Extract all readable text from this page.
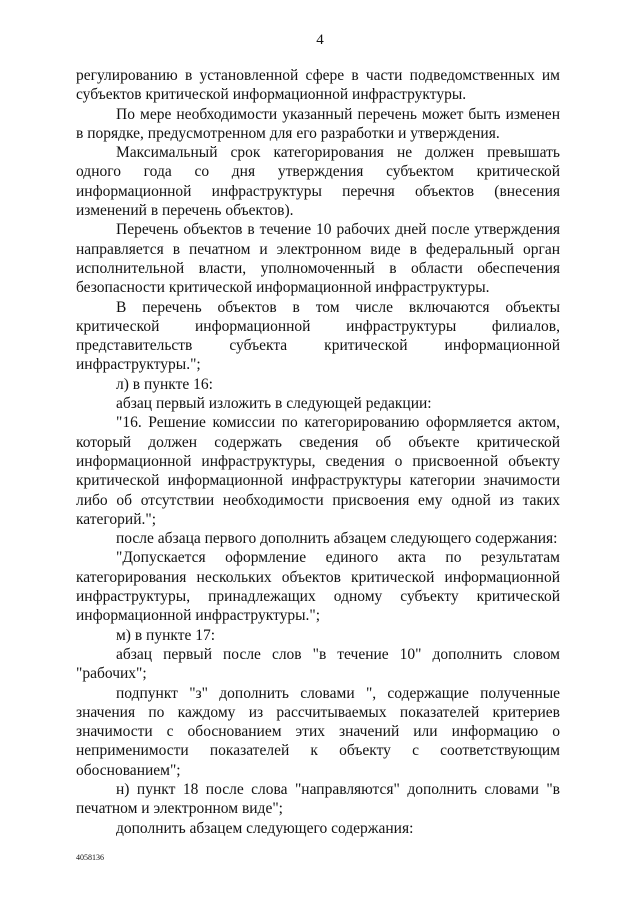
4

регулированию в установленной сфере в части подведомственных им субъектов критической информационной инфраструктуры.

По мере необходимости указанный перечень может быть изменен в порядке, предусмотренном для его разработки и утверждения.

Максимальный срок категорирования не должен превышать одного года со дня утверждения субъектом критической информационной инфраструктуры перечня объектов (внесения изменений в перечень объектов).

Перечень объектов в течение 10 рабочих дней после утверждения направляется в печатном и электронном виде в федеральный орган исполнительной власти, уполномоченный в области обеспечения безопасности критической информационной инфраструктуры.

В перечень объектов в том числе включаются объекты критической информационной инфраструктуры филиалов, представительств субъекта критической информационной инфраструктуры.";

л) в пункте 16:

абзац первый изложить в следующей редакции:

"16. Решение комиссии по категорированию оформляется актом, который должен содержать сведения об объекте критической информационной инфраструктуры, сведения о присвоенной объекту критической информационной инфраструктуры категории значимости либо об отсутствии необходимости присвоения ему одной из таких категорий.";

после абзаца первого дополнить абзацем следующего содержания:

"Допускается оформление единого акта по результатам категорирования нескольких объектов критической информационной инфраструктуры, принадлежащих одному субъекту критической информационной инфраструктуры.";

м) в пункте 17:

абзац первый после слов "в течение 10" дополнить словом "рабочих";

подпункт "з" дополнить словами ", содержащие полученные значения по каждому из рассчитываемых показателей критериев значимости с обоснованием этих значений или информацию о неприменимости показателей к объекту с соответствующим обоснованием";

н) пункт 18 после слова "направляются" дополнить словами "в печатном и электронном виде";

дополнить абзацем следующего содержания:

4058136
